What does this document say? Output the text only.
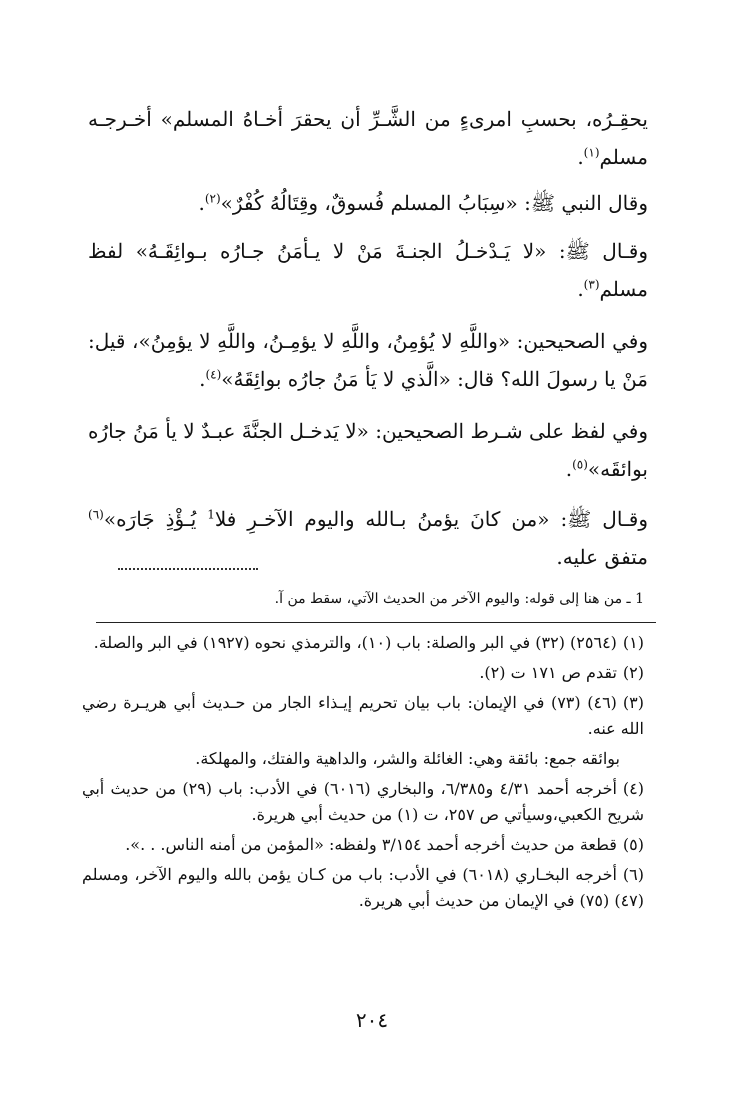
يحقِـرُه، بحسبِ امرىءٍ من الشَّـرِّ أن يحقرَ أخـاهُ المسلم» أخـرجـه مسلم$^{(١)}$.

وقال النبي ﷺ: «سِبَابُ المسلم فُسوقٌ، وقِتَالُهُ كُفْرٌ»$^{(٢)}$.

وقـال ﷺ: «لا يَـدْخـلُ الجنـةَ مَنْ لا يـأمَنُ جـارُه بـوائِقَـهُ» لفظ مسلم$^{(٣)}$.

وفي الصحيحين: «واللَّهِ لا يُؤمِنُ، واللَّهِ لا يؤمِـنُ، واللَّهِ لا يؤمِنُ»، قيل: مَنْ يا رسولَ الله؟ قال: «الَّذي لا يَأ مَنُ جارُه بوائِقَهُ»$^{(٤)}$.

وفي لفظ على شـرط الصحيحين: «لا يَدخـل الجنَّةَ عبـدٌ لا يأ مَنُ جارُه بوائقَه»$^{(٥)}$.

وقـال ﷺ: «من كانَ يؤمنُ بـالله واليوم الآخـرِ فلا$^1$ يُـؤْذِ جَارَه»$^{(٦)}$ متفق عليه.

1 ـ من هنا إلى قوله: واليوم الآخر من الحديث الآتي، سقط من آ.

(١)(٢٥٦٤) (٣٢) في البر والصلة: باب (١٠)، والترمذي نحوه (١٩٢٧) في البر والصلة.

(٢)تقدم ص ١٧١ ت (٢).

(٣)(٤٦) (٧٣) في الإيمان: باب بيان تحريم إيـذاء الجار من حـديث أبي هريـرة رضي الله عنه.

بوائقه جمع: بائقة وهي: الغائلة والشر، والداهية والفتك، والمهلكة.

(٤)أخرجه أحمد ٤/٣١ و٦/٣٨٥، والبخاري (٦٠١٦) في الأدب: باب (٢٩) من حديث أبي شريح الكعبي،وسيأتي ص ٢٥٧، ت (١) من حديث أبي هريرة.

(٥)قطعة من حديث أخرجه أحمد ٣/١٥٤ ولفظه: «المؤمن من أمنه الناس. . .».

(٦)أخرجه البخـاري (٦٠١٨) في الأدب: باب من كـان يؤمن بالله واليوم الآخر، ومسلم (٤٧) (٧٥) في الإيمان من حديث أبي هريرة.

٢٠٤
